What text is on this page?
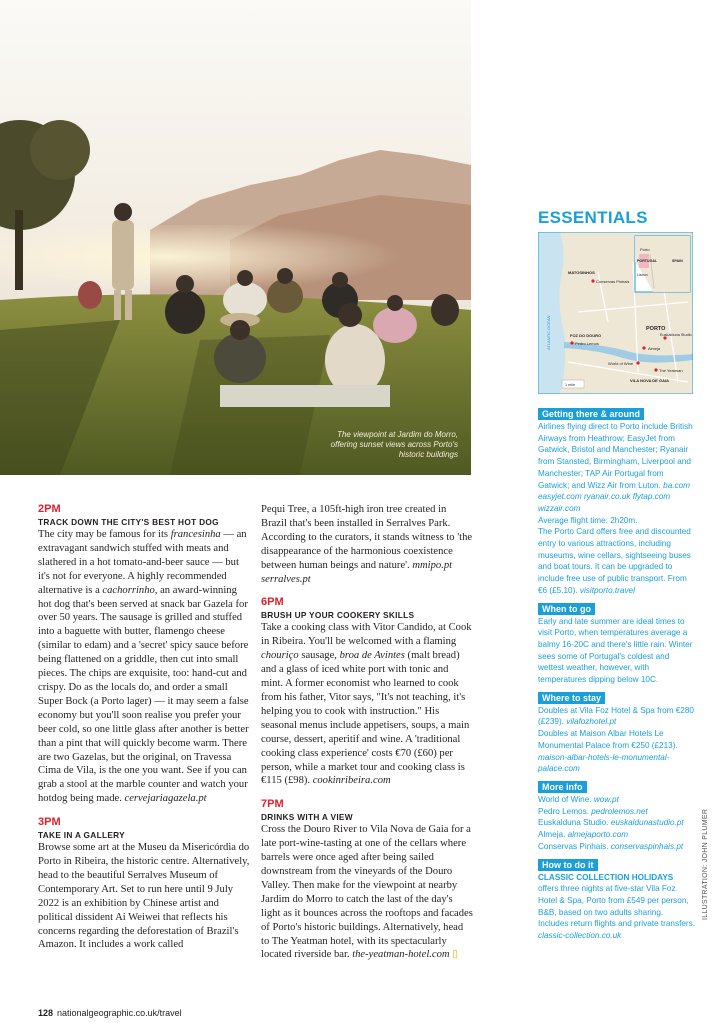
The viewpoint at Jardim do Morro, offering sunset views across Porto's historic buildings
2PM
TRACK DOWN THE CITY'S BEST HOT DOG

The city may be famous for its francesinha — an extravagant sandwich stuffed with meats and slathered in a hot tomato-and-beer sauce — but it's not for everyone. A highly recommended alternative is a cachorrinho, an award-winning hot dog that's been served at snack bar Gazela for over 50 years. The sausage is grilled and stuffed into a baguette with butter, flamengo cheese (similar to edam) and a 'secret' spicy sauce before being flattened on a griddle, then cut into small pieces. The chips are exquisite, too: hand-cut and crispy. Do as the locals do, and order a small Super Bock (a Porto lager) — it may seem a false economy but you'll soon realise you prefer your beer cold, so one little glass after another is better than a pint that will quickly become warm. There are two Gazelas, but the original, on Travessa Cima de Vila, is the one you want. See if you can grab a stool at the marble counter and watch your hotdog being made. cervejariagazela.pt

3PM
TAKE IN A GALLERY

Browse some art at the Museu da Misericórdia do Porto in Ribeira, the historic centre. Alternatively, head to the beautiful Serralves Museum of Contemporary Art. Set to run here until 9 July 2022 is an exhibition by Chinese artist and political dissident Ai Weiwei that reflects his concerns regarding the deforestation of Brazil's Amazon. It includes a work called

Pequi Tree, a 105ft-high iron tree created in Brazil that's been installed in Serralves Park. According to the curators, it stands witness to 'the disappearance of the harmonious coexistence between human beings and nature'. mmipo.pt serralves.pt

6PM
BRUSH UP YOUR COOKERY SKILLS

Take a cooking class with Vitor Candido, at Cook in Ribeira. You'll be welcomed with a flaming chouriço sausage, broa de Avintes (malt bread) and a glass of iced white port with tonic and mint. A former economist who learned to cook from his father, Vitor says, "It's not teaching, it's helping you to cook with instruction." His seasonal menus include appetisers, soups, a main course, dessert, aperitif and wine. A 'traditional cooking class experience' costs €70 (£60) per person, while a market tour and cooking class is €115 (£98). cookinribeira.com

7PM
DRINKS WITH A VIEW

Cross the Douro River to Vila Nova de Gaia for a late port-wine-tasting at one of the cellars where barrels were once aged after being sailed downstream from the vineyards of the Douro Valley. Then make for the viewpoint at nearby Jardim do Morro to catch the last of the day's light as it bounces across the rooftops and facades of Porto's historic buildings. Alternatively, head to The Yeatman hotel, with its spectacularly located riverside bar. the-yeatman-hotel.com ▯

ESSENTIALS
Porto
PORTUGAL
Lisbon
SPAIN
MATOSINHOS
Conservas Pinhais
ATLANTIC OCEAN	FOZ DO DOURO
Pedro Lemos
PORTO
Euskalduna Studio
Almeja
World of Wine
The Yeatman
VILA NOVA DE GAIA
1 mile
Getting there & around

Airlines flying direct to Porto include British Airways from Heathrow; EasyJet from Gatwick, Bristol and Manchester; Ryanair from Stansted, Birmingham, Liverpool and Manchester; TAP Air Portugal from Gatwick; and Wizz Air from Luton. ba.com easyjet.com ryanair.co.uk flytap.com wizzair.com
Average flight time: 2h20m.
The Porto Card offers free and discounted entry to various attractions, including museums, wine cellars, sightseeing buses and boat tours. It can be upgraded to include free use of public transport. From €6 (£5.10). visitporto.travel

When to go

Early and late summer are ideal times to visit Porto, when temperatures average a balmy 16-20C and there's little rain. Winter sees some of Portugal's coldest and wettest weather, however, with temperatures dipping below 10C.

Where to stay

Doubles at Vila Foz Hotel & Spa from €280 (£239). vilafozhotel.pt
Doubles at Maison Albar Hotels Le Monumental Palace from €250 (£213). maison-albar-hotels-le-monumental-palace.com

More info

World of Wine. wow.pt
Pedro Lemos. pedrolemos.net
Euskalduna Studio. euskaldunastudio.pt
Almeja. almejaporto.com
Conservas Pinhais. conservaspinhais.pt

How to do it

CLASSIC COLLECTION HOLIDAYS offers three nights at five-star Vila Foz Hotel & Spa, Porto from £549 per person, B&B, based on two adults sharing. Includes return flights and private transfers. classic-collection.co.uk

ILLUSTRATION: JOHN PLUMER
128 nationalgeographic.co.uk/travel
